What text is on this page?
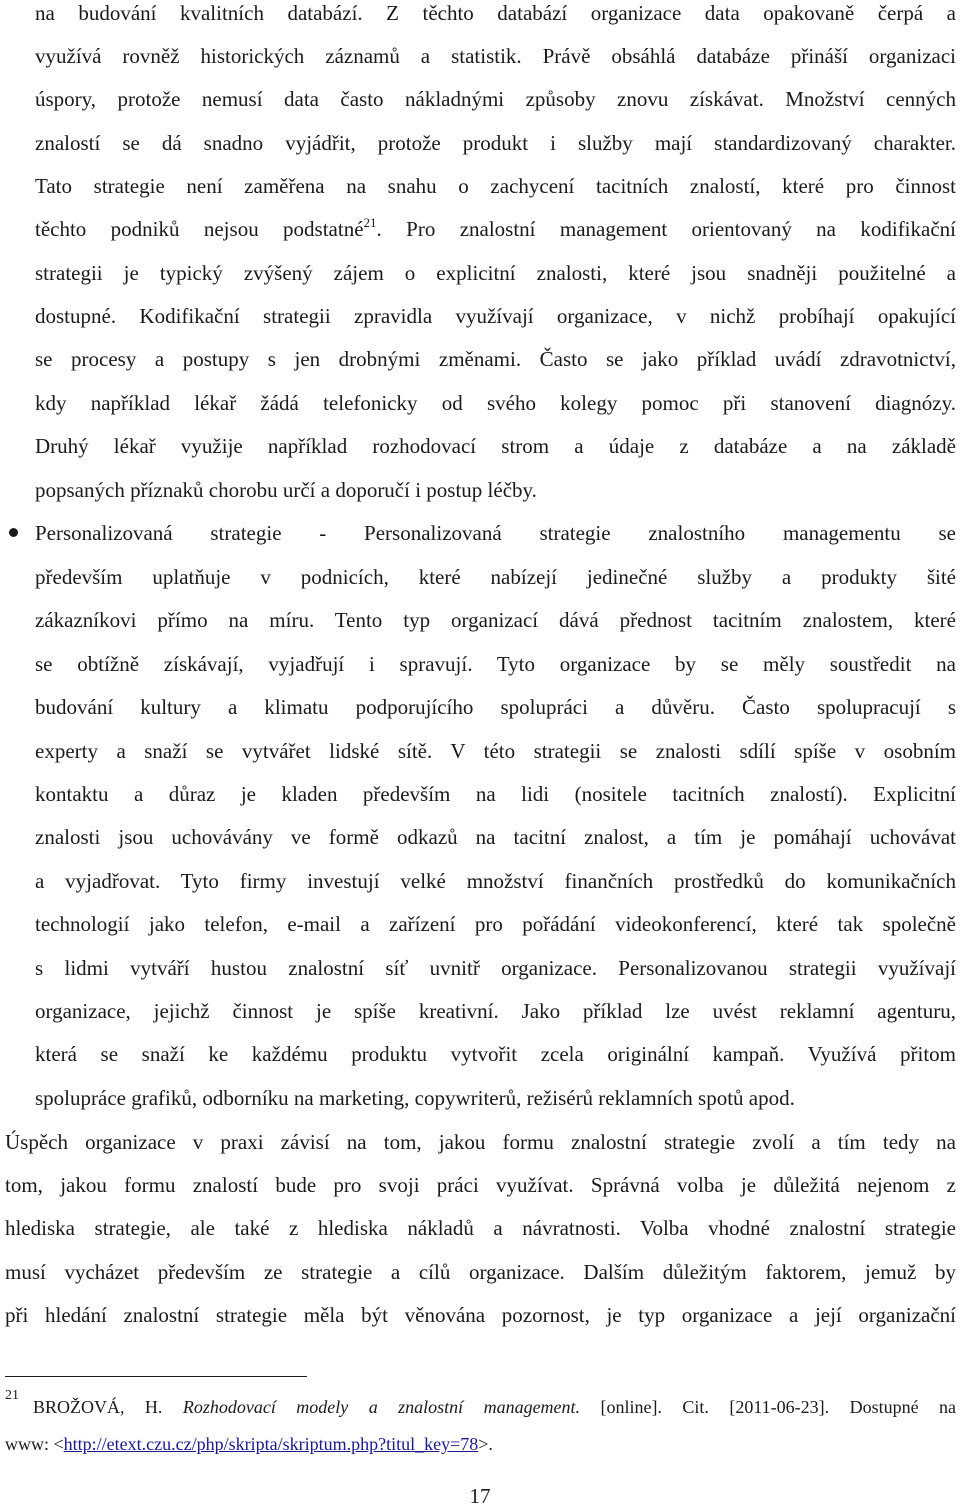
na budování kvalitních databází. Z těchto databází organizace data opakovaně čerpá a
využívá rovněž historických záznamů a statistik. Právě obsáhlá databáze přináší organizaci
úspory, protože nemusí data často nákladnými způsoby znovu získávat. Množství cenných
znalostí se dá snadno vyjádřit, protože produkt i služby mají standardizovaný charakter.
Tato strategie není zaměřena na snahu o zachycení tacitních znalostí, které pro činnost
těchto podniků nejsou podstatné$^{21}$. Pro znalostní management orientovaný na kodifikační
strategii je typický zvýšený zájem o explicitní znalosti, které jsou snadněji použitelné a
dostupné. Kodifikační strategii zpravidla využívají organizace, v nichž probíhají opakující
se procesy a postupy s jen drobnými změnami. Často se jako příklad uvádí zdravotnictví,
kdy například lékař žádá telefonicky od svého kolegy pomoc při stanovení diagnózy.
Druhý lékař využije například rozhodovací strom a údaje z databáze a na základě
popsaných příznaků chorobu určí a doporučí i postup léčby.
Personalizovaná strategie - Personalizovaná strategie znalostního managementu se
především uplatňuje v podnicích, které nabízejí jedinečné služby a produkty šité
zákazníkovi přímo na míru. Tento typ organizací dává přednost tacitním znalostem, které
se obtížně získávají, vyjadřují i spravují. Tyto organizace by se měly soustředit na
budování kultury a klimatu podporujícího spolupráci a důvěru. Často spolupracují s
experty a snaží se vytvářet lidské sítě. V této strategii se znalosti sdílí spíše v osobním
kontaktu a důraz je kladen především na lidi (nositele tacitních znalostí). Explicitní
znalosti jsou uchovávány ve formě odkazů na tacitní znalost, a tím je pomáhají uchovávat
a vyjadřovat. Tyto firmy investují velké množství finančních prostředků do komunikačních
technologií jako telefon, e-mail a zařízení pro pořádání videokonferencí, které tak společně
s lidmi vytváří hustou znalostní síť uvnitř organizace. Personalizovanou strategii využívají
organizace, jejichž činnost je spíše kreativní. Jako příklad lze uvést reklamní agenturu,
která se snaží ke každému produktu vytvořit zcela originální kampaň. Využívá přitom
spolupráce grafiků, odborníku na marketing, copywriterů, režisérů reklamních spotů apod.
Úspěch organizace v praxi závisí na tom, jakou formu znalostní strategie zvolí a tím tedy na
tom, jakou formu znalostí bude pro svoji práci využívat. Správná volba je důležitá nejenom z
hlediska strategie, ale také z hlediska nákladů a návratnosti. Volba vhodné znalostní strategie
musí vycházet především ze strategie a cílů organizace. Dalším důležitým faktorem, jemuž by
při hledání znalostní strategie měla být věnována pozornost, je typ organizace a její organizační
21
BROŽOVÁ, H. Rozhodovací modely a znalostní management. [online]. Cit. [2011-06-23]. Dostupné na
www: <http://etext.czu.cz/php/skripta/skriptum.php?titul_key=78>.
17
